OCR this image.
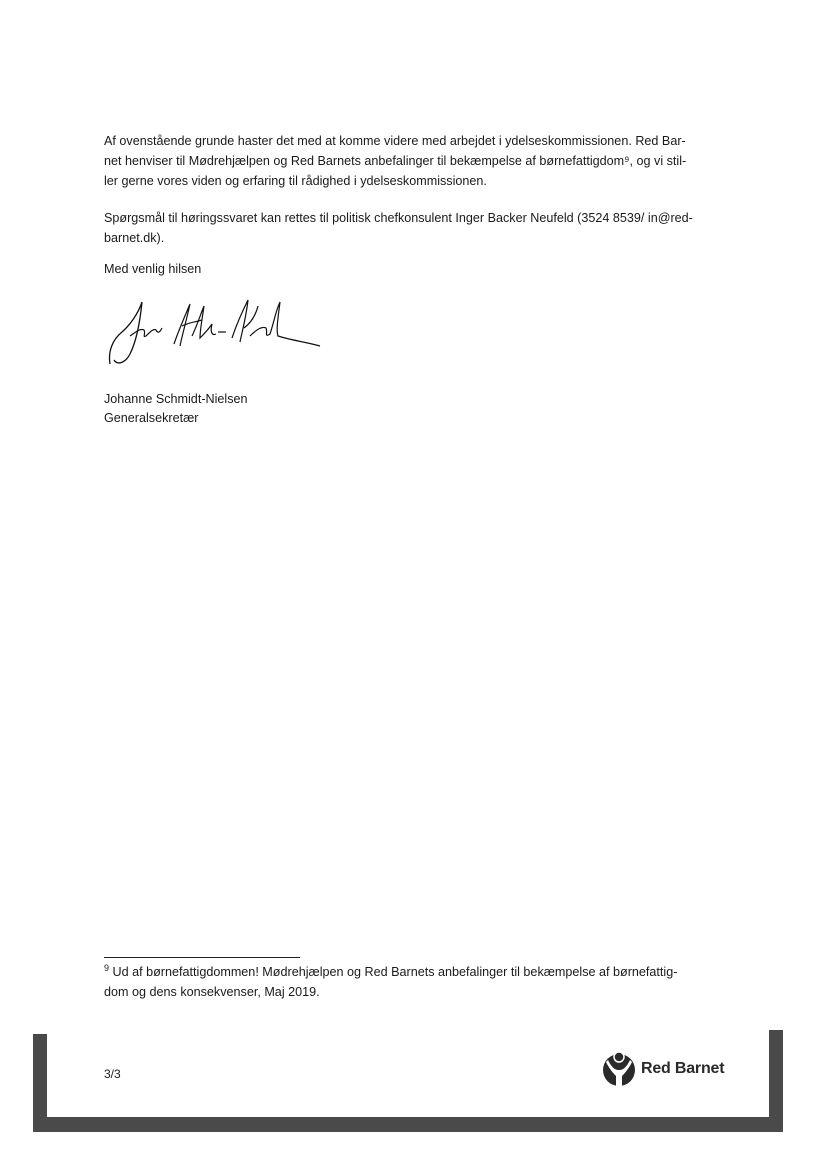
Af ovenstående grunde haster det med at komme videre med arbejdet i ydelseskommissionen. Red Bar-
net henviser til Mødrehjælpen og Red Barnets anbefalinger til bekæmpelse af børnefattigdom⁹, og vi stil-
ler gerne vores viden og erfaring til rådighed i ydelseskommissionen.

Spørgsmål til høringssvaret kan rettes til politisk chefkonsulent Inger Backer Neufeld (3524 8539/ in@red-
barnet.dk).

Med venlig hilsen

Johanne Schmidt-Nielsen
Generalsekretær
$^9$ Ud af børnefattigdommen! Mødrehjælpen og Red Barnets anbefalinger til bekæmpelse af børnefattig-
dom og dens konsekvenser, Maj 2019.
3/3	Red Barnet
